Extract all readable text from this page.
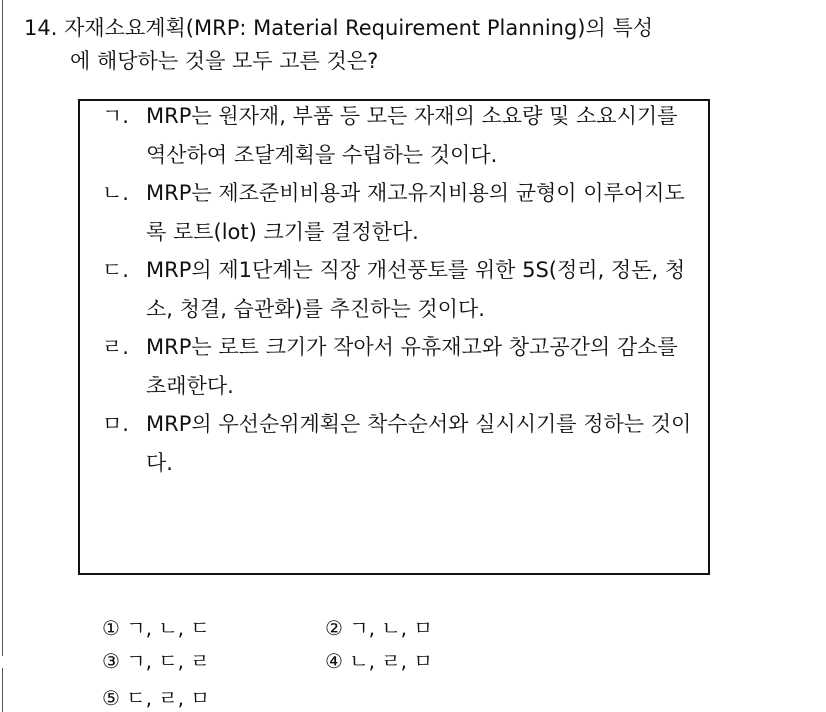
14. 자재소요계획(MRP: Material Requirement Planning)의 특성
에 해당하는 것을 모두 고른 것은?
ㄱ. MRP는 원자재, 부품 등 모든 자재의 소요량 및 소요시기를 역산하여 조달계획을 수립하는 것이다.
ㄴ. MRP는 제조준비비용과 재고유지비용의 균형이 이루어지도록 로트(lot) 크기를 결정한다.
ㄷ. MRP의 제1단계는 직장 개선풍토를 위한 5S(정리, 정돈, 청소, 청결, 습관화)를 추진하는 것이다.
ㄹ. MRP는 로트 크기가 작아서 유휴재고와 창고공간의 감소를 초래한다.
ㅁ. MRP의 우선순위계획은 착수순서와 실시시기를 정하는 것이다.
① ㄱ, ㄴ, ㄷ	② ㄱ, ㄴ, ㅁ
③ ㄱ, ㄷ, ㄹ	④ ㄴ, ㄹ, ㅁ
⑤ ㄷ, ㄹ, ㅁ
